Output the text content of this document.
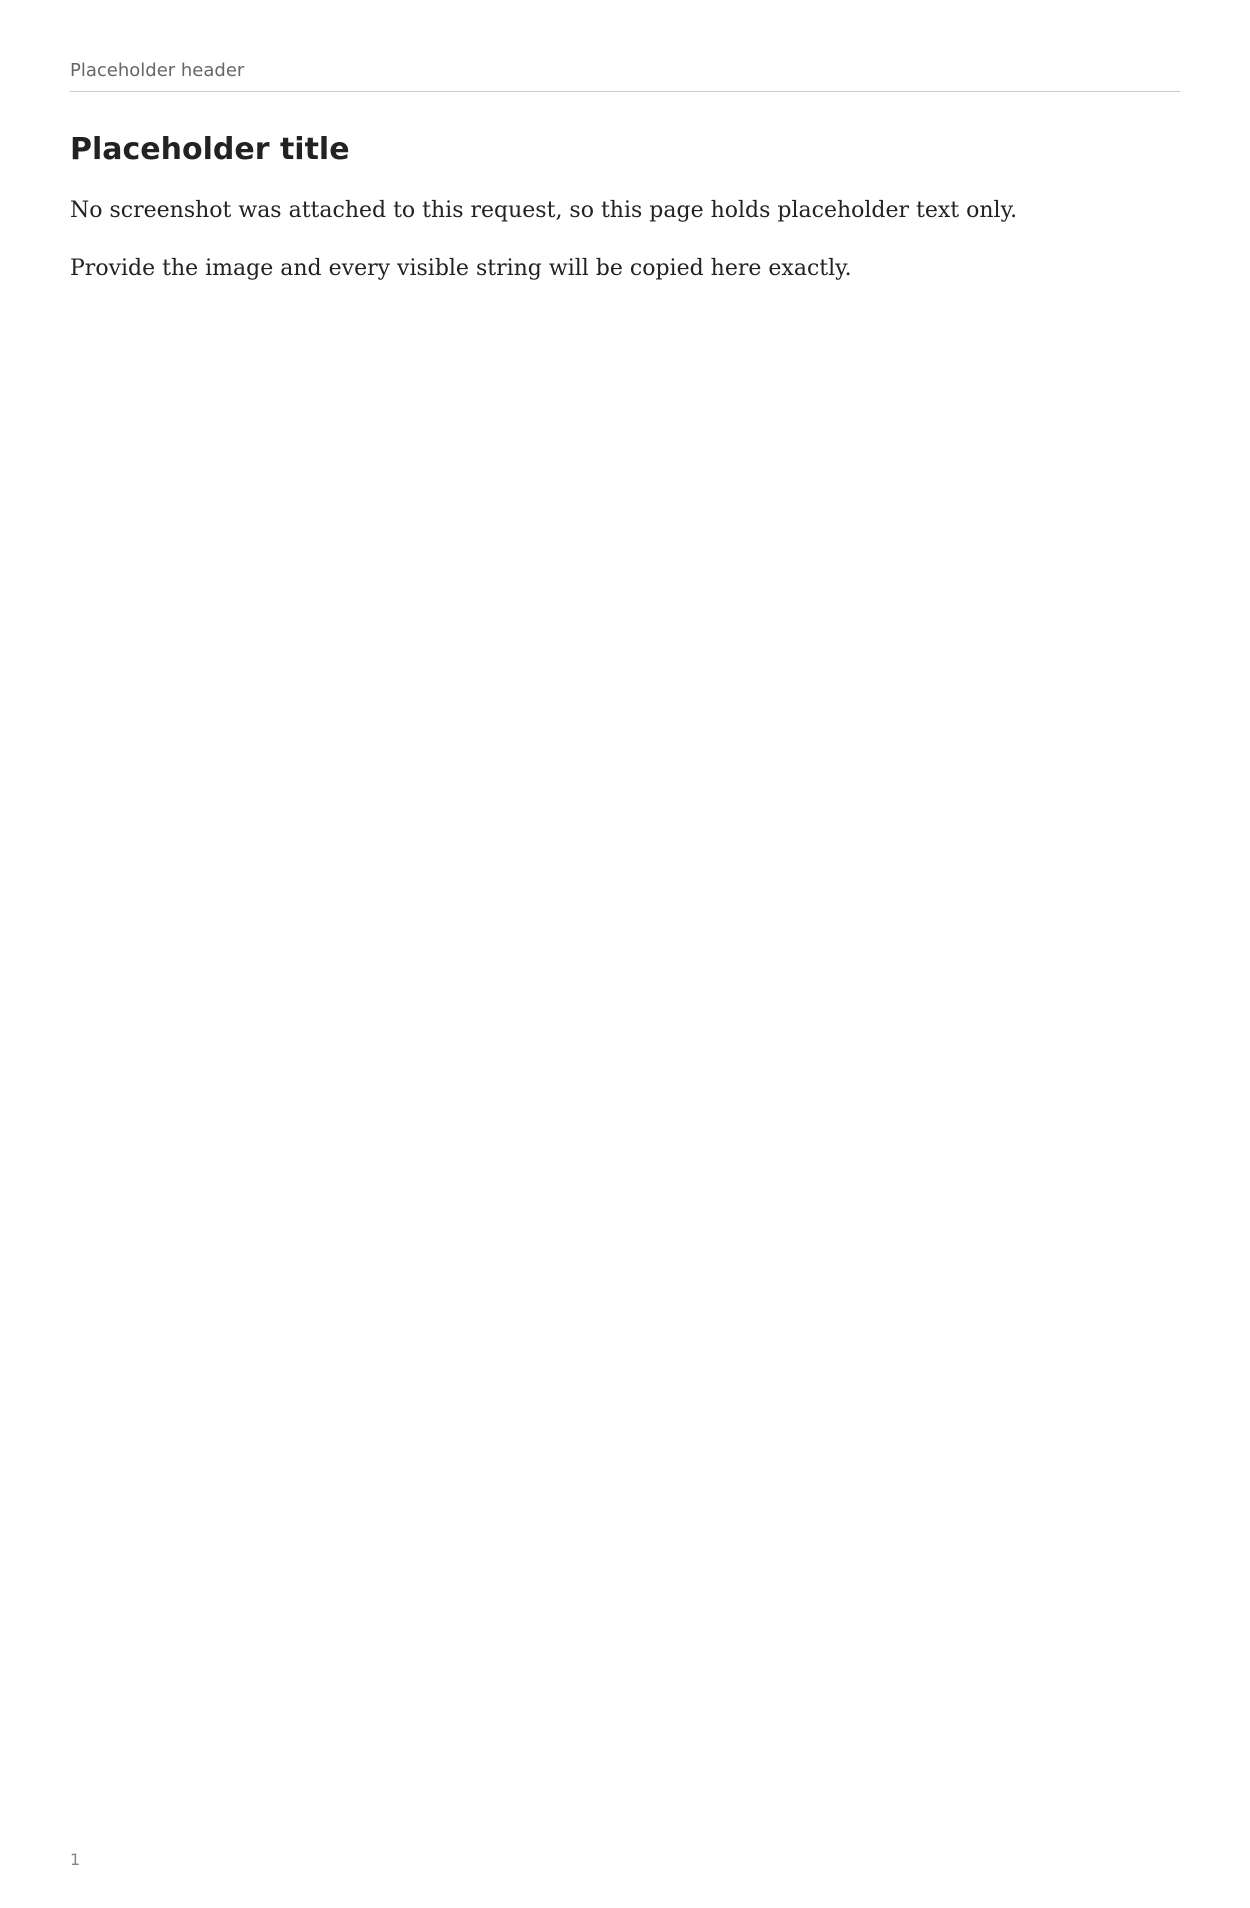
Placeholder header
Placeholder title

No screenshot was attached to this request, so this page holds placeholder text only.

Provide the image and every visible string will be copied here exactly.

1
